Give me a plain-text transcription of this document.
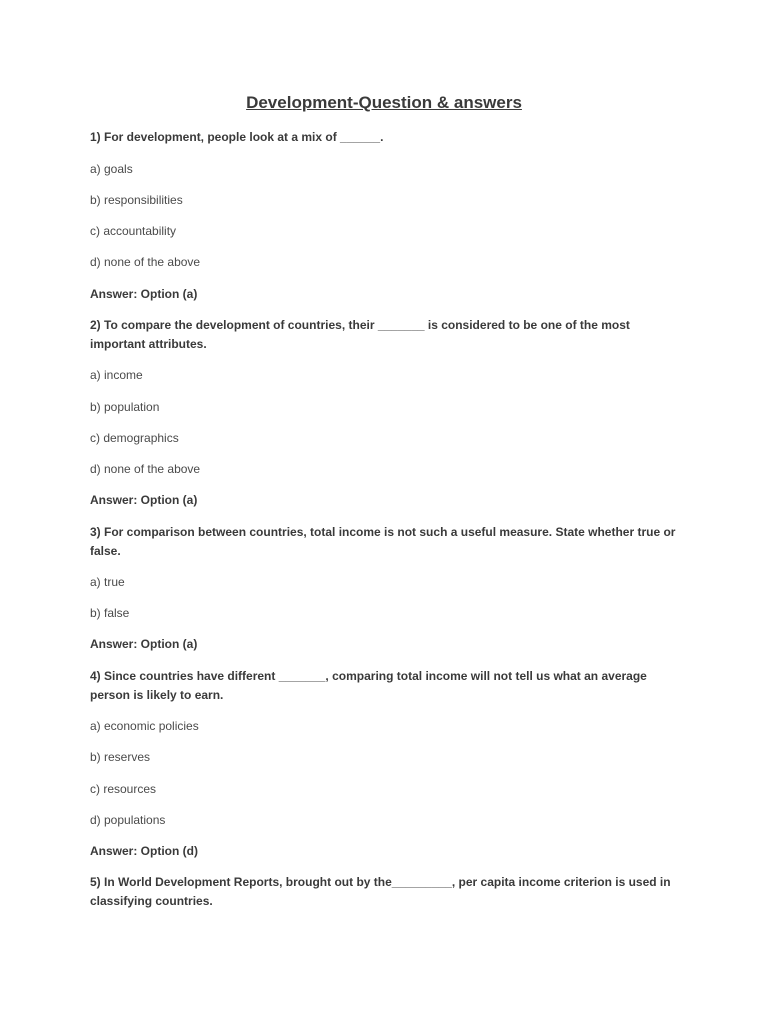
Development-Question & answers

1) For development, people look at a mix of ______.

a) goals

b) responsibilities

c) accountability

d) none of the above

Answer: Option (a)

2) To compare the development of countries, their _______ is considered to be one of the most important attributes.

a) income

b) population

c) demographics

d) none of the above

Answer: Option (a)

3) For comparison between countries, total income is not such a useful measure. State whether true or false.

a) true

b) false

Answer: Option (a)

4) Since countries have different _______, comparing total income will not tell us what an average person is likely to earn.

a) economic policies

b) reserves

c) resources

d) populations

Answer: Option (d)

5) In World Development Reports, brought out by the_________, per capita income criterion is used in classifying countries.
